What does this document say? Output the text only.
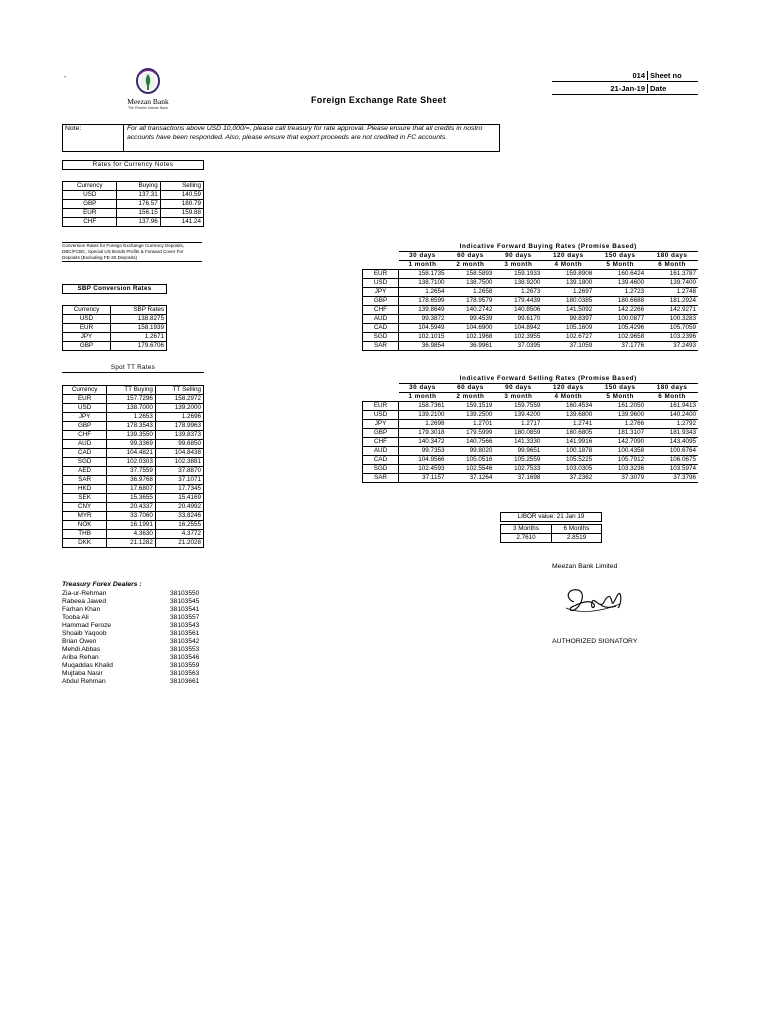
-
Meezan Bank
The Premier Islamic Bank
Foreign Exchange Rate Sheet
014 Sheet no
21-Jan-19 Date
Note:	For all transactions above USD 10,000/=, please call treasury for rate approval. Please ensure that all credits in nostro accounts have been responded. Also, please ensure that export proceeds are not credited in FC accounts.
Rates for Currency Notes
Currency	Buying	Selling
USD	137.31	140.59
GBP	176.57	180.79
EUR	156.15	159.88
CHF	137.96	141.24
Conversion Rates for Foreign Exchange Currency Deposits, DBC/FCBC, Special US Bonds Profits & Forward Cover For Deposits (Excluding FE-25 Deposits)
SBP Conversion Rates
Currency	SBP Rates
USD	138.8275
EUR	158.1939
JPY	1.2671
GBP	179.6706
Spot TT Rates
Currency	TT Buying	TT Selling
EUR	157.7296	158.2972
USD	138.7000	139.2000
JPY	1.2653	1.2696
GBP	178.3543	178.9963
CHF	139.3550	139.8373
AUD	99.3369	99.6850
CAD	104.4821	104.8438
SGD	102.0303	102.3881
AED	37.7559	37.8870
SAR	36.9768	37.1071
HKD	17.6807	17.7345
SEK	15.3655	15.4169
CNY	20.4337	20.4992
MYR	33.7060	33.8246
NOK	16.1991	16.2555
THB	4.3630	4.3772
DKK	21.1282	21.2028
	Indicative Forward Buying Rates (Promise Based)					
	30 days	60 days	90 days	120 days	150 days	180 days
	1 month	2 month	3 month	4 Month	5 Month	6 Month
EUR	158.1735	158.5893	159.1933	159.8908	160.6424	161.3787
USD	138.7100	138.7500	138.9200	139.1800	139.4600	139.7400
JPY	1.2654	1.2658	1.2673	1.2697	1.2723	1.2748
GBP	178.6599	178.9579	179.4439	180.0385	180.6688	181.2924
CHF	139.8649	140.2742	140.8506	141.5092	142.2266	142.9271
AUD	99.3872	99.4539	99.6170	99.8397	100.0877	100.3283
CAD	104.5949	104.6900	104.8942	105.1609	105.4296	105.7059
SGD	102.1015	102.1968	102.3955	102.6727	102.9658	103.2396
SAR	36.9854	36.9961	37.0395	37.1059	37.1776	37.2493
	Indicative Forward Selling Rates (Promise Based)					
	30 days	60 days	90 days	120 days	150 days	180 days
	1 month	2 month	3 month	4 Month	5 Month	6 Month
EUR	158.7361	159.1519	159.7559	160.4534	161.2050	161.9413
USD	139.2100	139.2500	139.4200	139.6800	139.9600	140.2400
JPY	1.2698	1.2701	1.2717	1.2741	1.2766	1.2792
GBP	179.3018	179.5999	180.0859	180.6805	181.3107	181.9343
CHF	140.3472	140.7566	141.3330	141.9916	142.7090	143.4095
AUD	99.7353	99.8020	99.9651	100.1878	100.4358	100.6764
CAD	104.9566	105.0516	105.2559	105.5225	105.7912	106.0675
SGD	102.4593	102.5546	102.7533	103.0305	103.3236	103.5974
SAR	37.1157	37.1264	37.1698	37.2362	37.3079	37.3796
LIBOR value: 21 Jan 19
3 Months	6 Months
2.7610	2.8519
Meezan Bank Limited
AUTHORIZED SIGNATORY
Treasury Forex Dealers :
Zia-ur-Rehman	38103550
Rabeea Jawed	38103545
Farhan Khan	38103541
Tooba Ali	38103557
Hammad Feroze	38103543
Shoaib Yaqoob	38103561
Brian Owen	38103542
Mehdi Abbas	38103553
Ariba Rehan	38103546
Muqaddas Khalid	38103559
Mujtaba Nasir	38103563
Abdul Rehman	38103661
